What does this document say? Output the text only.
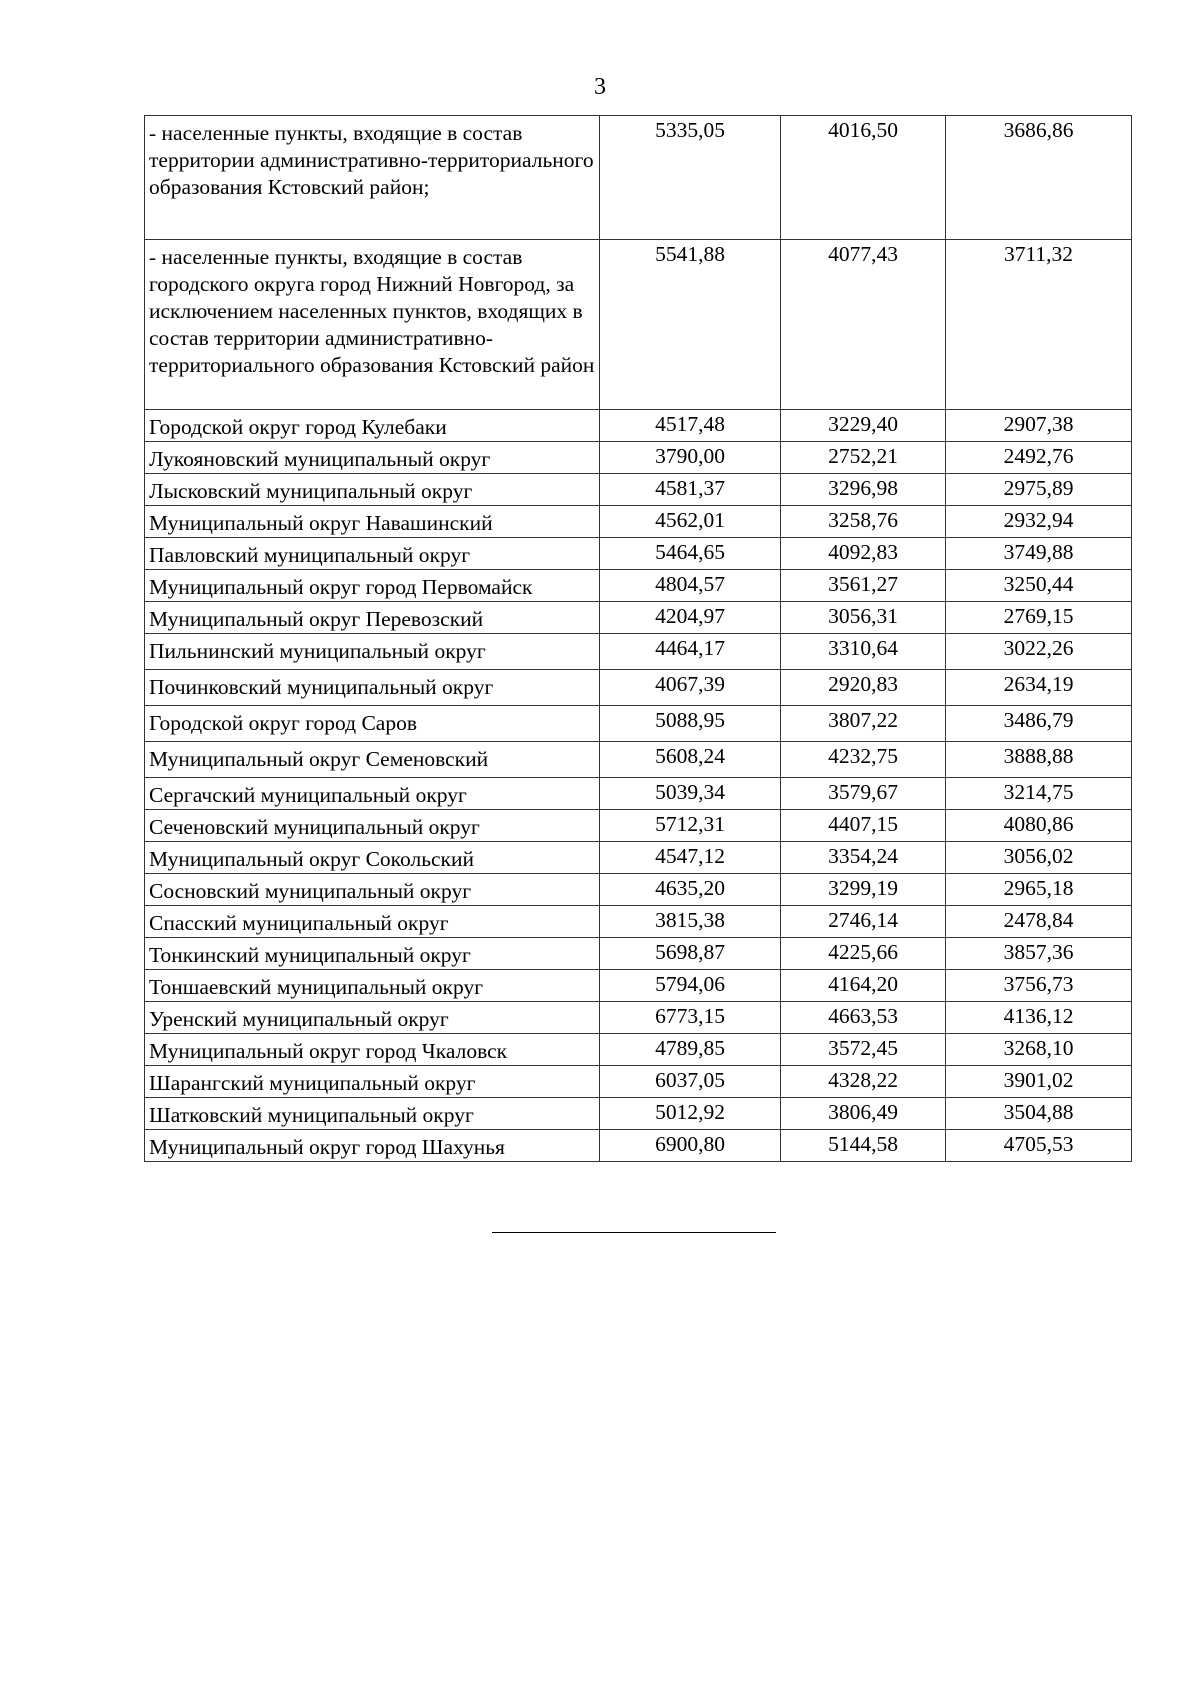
3
- населенные пункты, входящие в состав территории административно-территориального образования Кстовский район;	5335,05	4016,50	3686,86
- населенные пункты, входящие в состав городского округа город Нижний Новгород, за исключением населенных пунктов, входящих в состав территории административно-территориального образования Кстовский район	5541,88	4077,43	3711,32
Городской округ город Кулебаки	4517,48	3229,40	2907,38
Лукояновский муниципальный округ	3790,00	2752,21	2492,76
Лысковский муниципальный округ	4581,37	3296,98	2975,89
Муниципальный округ Навашинский	4562,01	3258,76	2932,94
Павловский муниципальный округ	5464,65	4092,83	3749,88
Муниципальный округ город Первомайск	4804,57	3561,27	3250,44
Муниципальный округ Перевозский	4204,97	3056,31	2769,15
Пильнинский муниципальный округ	4464,17	3310,64	3022,26
Починковский муниципальный округ	4067,39	2920,83	2634,19
Городской округ город Саров	5088,95	3807,22	3486,79
Муниципальный округ Семеновский	5608,24	4232,75	3888,88
Сергачский муниципальный округ	5039,34	3579,67	3214,75
Сеченовский муниципальный округ	5712,31	4407,15	4080,86
Муниципальный округ Сокольский	4547,12	3354,24	3056,02
Сосновский муниципальный округ	4635,20	3299,19	2965,18
Спасский муниципальный округ	3815,38	2746,14	2478,84
Тонкинский муниципальный округ	5698,87	4225,66	3857,36
Тоншаевский муниципальный округ	5794,06	4164,20	3756,73
Уренский муниципальный округ	6773,15	4663,53	4136,12
Муниципальный округ город Чкаловск	4789,85	3572,45	3268,10
Шарангский муниципальный округ	6037,05	4328,22	3901,02
Шатковский муниципальный округ	5012,92	3806,49	3504,88
Муниципальный округ город Шахунья	6900,80	5144,58	4705,53
